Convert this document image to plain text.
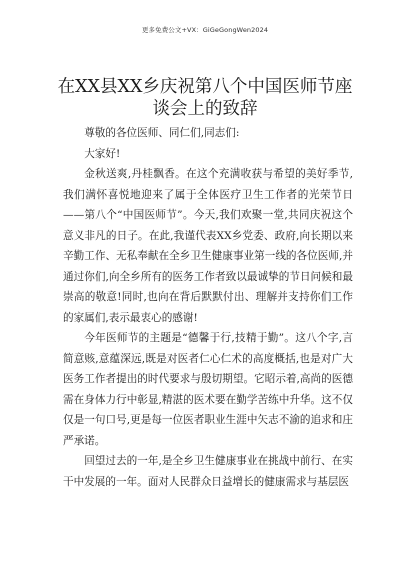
更多免费公文+VX：GiGeGongWen2024
在XX县XX乡庆祝第八个中国医师节座谈会上的致辞

尊敬的各位医师、同仁们,同志们:

大家好!

金秋送爽,丹桂飘香。在这个充满收获与希望的美好季节,我们满怀喜悦地迎来了属于全体医疗卫生工作者的光荣节日——第八个“中国医师节”。今天,我们欢聚一堂,共同庆祝这个意义非凡的日子。在此,我谨代表XX乡党委、政府,向长期以来辛勤工作、无私奉献在全乡卫生健康事业第一线的各位医师,并通过你们,向全乡所有的医务工作者致以最诚挚的节日问候和最崇高的敬意!同时,也向在背后默默付出、理解并支持你们工作的家属们,表示最衷心的感谢!

今年医师节的主题是“德馨于行,技精于勤”。这八个字,言简意赅,意蕴深远,既是对医者仁心仁术的高度概括,也是对广大医务工作者提出的时代要求与殷切期望。它昭示着,高尚的医德需在身体力行中彰显,精湛的医术要在勤学苦练中升华。这不仅仅是一句口号,更是每一位医者职业生涯中矢志不渝的追求和庄严承诺。

回望过去的一年,是全乡卫生健康事业在挑战中前行、在实干中发展的一年。面对人民群众日益增长的健康需求与基层医
